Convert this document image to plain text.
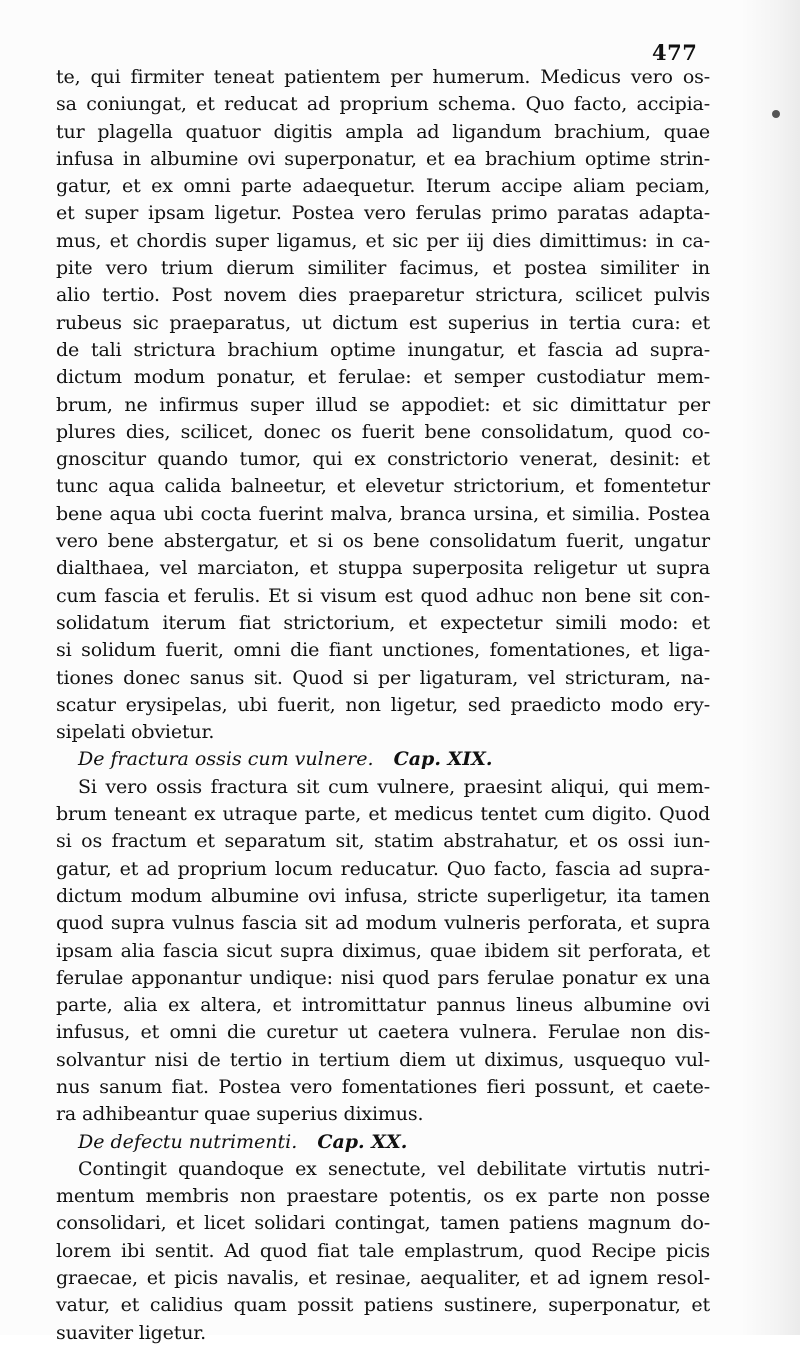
477
te, qui firmiter teneat patientem per humerum. Medicus vero os-
sa coniungat, et reducat ad proprium schema. Quo facto, accipia-
tur plagella quatuor digitis ampla ad ligandum brachium, quae
infusa in albumine ovi superponatur, et ea brachium optime strin-
gatur, et ex omni parte adaequetur. Iterum accipe aliam peciam,
et super ipsam ligetur. Postea vero ferulas primo paratas adapta-
mus, et chordis super ligamus, et sic per iij dies dimittimus: in ca-
pite vero trium dierum similiter facimus, et postea similiter in
alio tertio. Post novem dies praeparetur strictura, scilicet pulvis
rubeus sic praeparatus, ut dictum est superius in tertia cura: et
de tali strictura brachium optime inungatur, et fascia ad supra-
dictum modum ponatur, et ferulae: et semper custodiatur mem-
brum, ne infirmus super illud se appodiet: et sic dimittatur per
plures dies, scilicet, donec os fuerit bene consolidatum, quod co-
gnoscitur quando tumor, qui ex constrictorio venerat, desinit: et
tunc aqua calida balneetur, et elevetur strictorium, et fomentetur
bene aqua ubi cocta fuerint malva, branca ursina, et similia. Postea
vero bene abstergatur, et si os bene consolidatum fuerit, ungatur
dialthaea, vel marciaton, et stuppa superposita religetur ut supra
cum fascia et ferulis. Et si visum est quod adhuc non bene sit con-
solidatum iterum fiat strictorium, et expectetur simili modo: et
si solidum fuerit, omni die fiant unctiones, fomentationes, et liga-
tiones donec sanus sit. Quod si per ligaturam, vel stricturam, na-
scatur erysipelas, ubi fuerit, non ligetur, sed praedicto modo ery-
sipelati obvietur.
De fractura ossis cum vulnere. Cap. XIX.
Si vero ossis fractura sit cum vulnere, praesint aliqui, qui mem-
brum teneant ex utraque parte, et medicus tentet cum digito. Quod
si os fractum et separatum sit, statim abstrahatur, et os ossi iun-
gatur, et ad proprium locum reducatur. Quo facto, fascia ad supra-
dictum modum albumine ovi infusa, stricte superligetur, ita tamen
quod supra vulnus fascia sit ad modum vulneris perforata, et supra
ipsam alia fascia sicut supra diximus, quae ibidem sit perforata, et
ferulae apponantur undique: nisi quod pars ferulae ponatur ex una
parte, alia ex altera, et intromittatur pannus lineus albumine ovi
infusus, et omni die curetur ut caetera vulnera. Ferulae non dis-
solvantur nisi de tertio in tertium diem ut diximus, usquequo vul-
nus sanum fiat. Postea vero fomentationes fieri possunt, et caete-
ra adhibeantur quae superius diximus.
De defectu nutrimenti. Cap. XX.
Contingit quandoque ex senectute, vel debilitate virtutis nutri-
mentum membris non praestare potentis, os ex parte non posse
consolidari, et licet solidari contingat, tamen patiens magnum do-
lorem ibi sentit. Ad quod fiat tale emplastrum, quod Recipe picis
graecae, et picis navalis, et resinae, aequaliter, et ad ignem resol-
vatur, et calidius quam possit patiens sustinere, superponatur, et
suaviter ligetur.
